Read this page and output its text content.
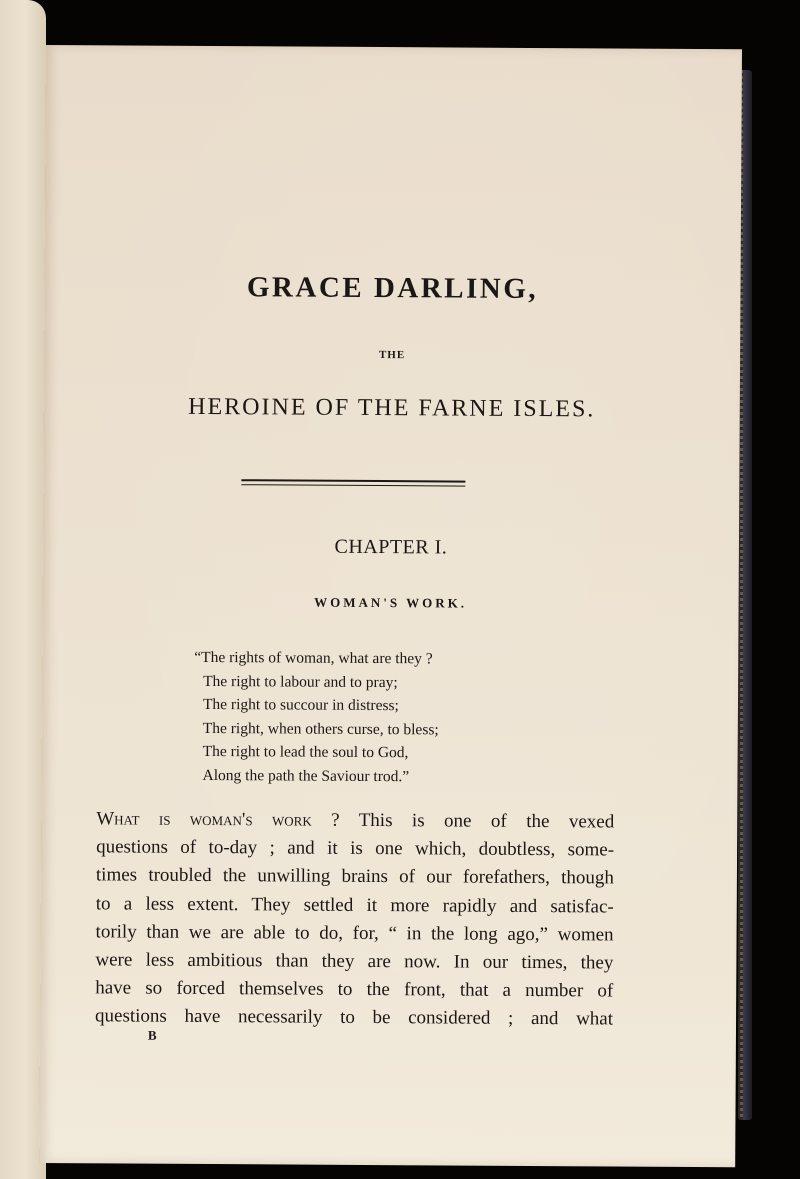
GRACE DARLING,
THE
HEROINE OF THE FARNE ISLES.
CHAPTER I.
WOMAN'S WORK.
“The rights of woman, what are they ?
The right to labour and to pray;
The right to succour in distress;
The right, when others curse, to bless;
The right to lead the soul to God,
Along the path the Saviour trod.”
What is woman's work ? This is one of the vexed
questions of to-day ; and it is one which, doubtless, some-
times troubled the unwilling brains of our forefathers, though
to a less extent. They settled it more rapidly and satisfac-
torily than we are able to do, for, “ in the long ago,” women
were less ambitious than they are now. In our times, they
have so forced themselves to the front, that a number of
questions have necessarily to be considered ; and what
B
